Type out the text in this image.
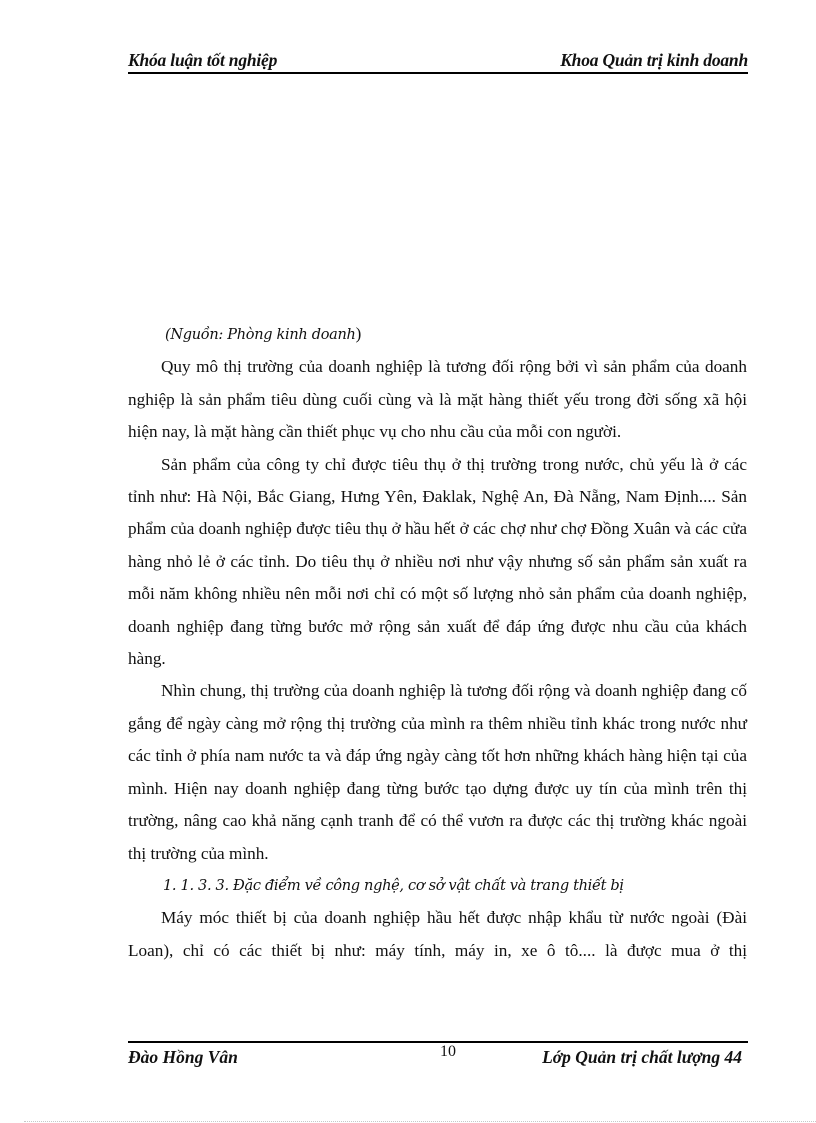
Khóa luận tốt nghiệp	Khoa Quản trị kinh doanh

(Nguồn: Phòng kinh doanh)

Quy mô thị trường của doanh nghiệp là tương đối rộng bởi vì sản phẩm của doanh nghiệp là sản phẩm tiêu dùng cuối cùng và là mặt hàng thiết yếu trong đời sống xã hội hiện nay, là mặt hàng cần thiết phục vụ cho nhu cầu của mỗi con người.

Sản phẩm của công ty chỉ được tiêu thụ ở thị trường trong nước, chủ yếu là ở các tỉnh như: Hà Nội, Bắc Giang, Hưng Yên, Đaklak, Nghệ An, Đà Nẵng, Nam Định.... Sản phẩm của doanh nghiệp được tiêu thụ ở hầu hết ở các chợ như chợ Đồng Xuân và các cửa hàng nhỏ lẻ ở các tỉnh. Do tiêu thụ ở nhiều nơi như vậy nhưng số sản phẩm sản xuất ra mỗi năm không nhiều nên mỗi nơi chỉ có một số lượng nhỏ sản phẩm của doanh nghiệp, doanh nghiệp đang từng bước mở rộng sản xuất để đáp ứng được nhu cầu của khách hàng.

Nhìn chung, thị trường của doanh nghiệp là tương đối rộng và doanh nghiệp đang cố gắng để ngày càng mở rộng thị trường của mình ra thêm nhiều tỉnh khác trong nước như các tỉnh ở phía nam nước ta và đáp ứng ngày càng tốt hơn những khách hàng hiện tại của mình. Hiện nay doanh nghiệp đang từng bước tạo dựng được uy tín của mình trên thị trường, nâng cao khả năng cạnh tranh để có thể vươn ra được các thị trường khác ngoài thị trường của mình.

1. 1. 3. 3. Đặc điểm về công nghệ, cơ sở vật chất và trang thiết bị

Máy móc thiết bị của doanh nghiệp hầu hết được nhập khẩu từ nước ngoài (Đài Loan), chỉ có các thiết bị như: máy tính, máy in, xe ô tô.... là được mua ở thị

Đào Hồng Vân	10	Lớp Quản trị chất lượng 44
